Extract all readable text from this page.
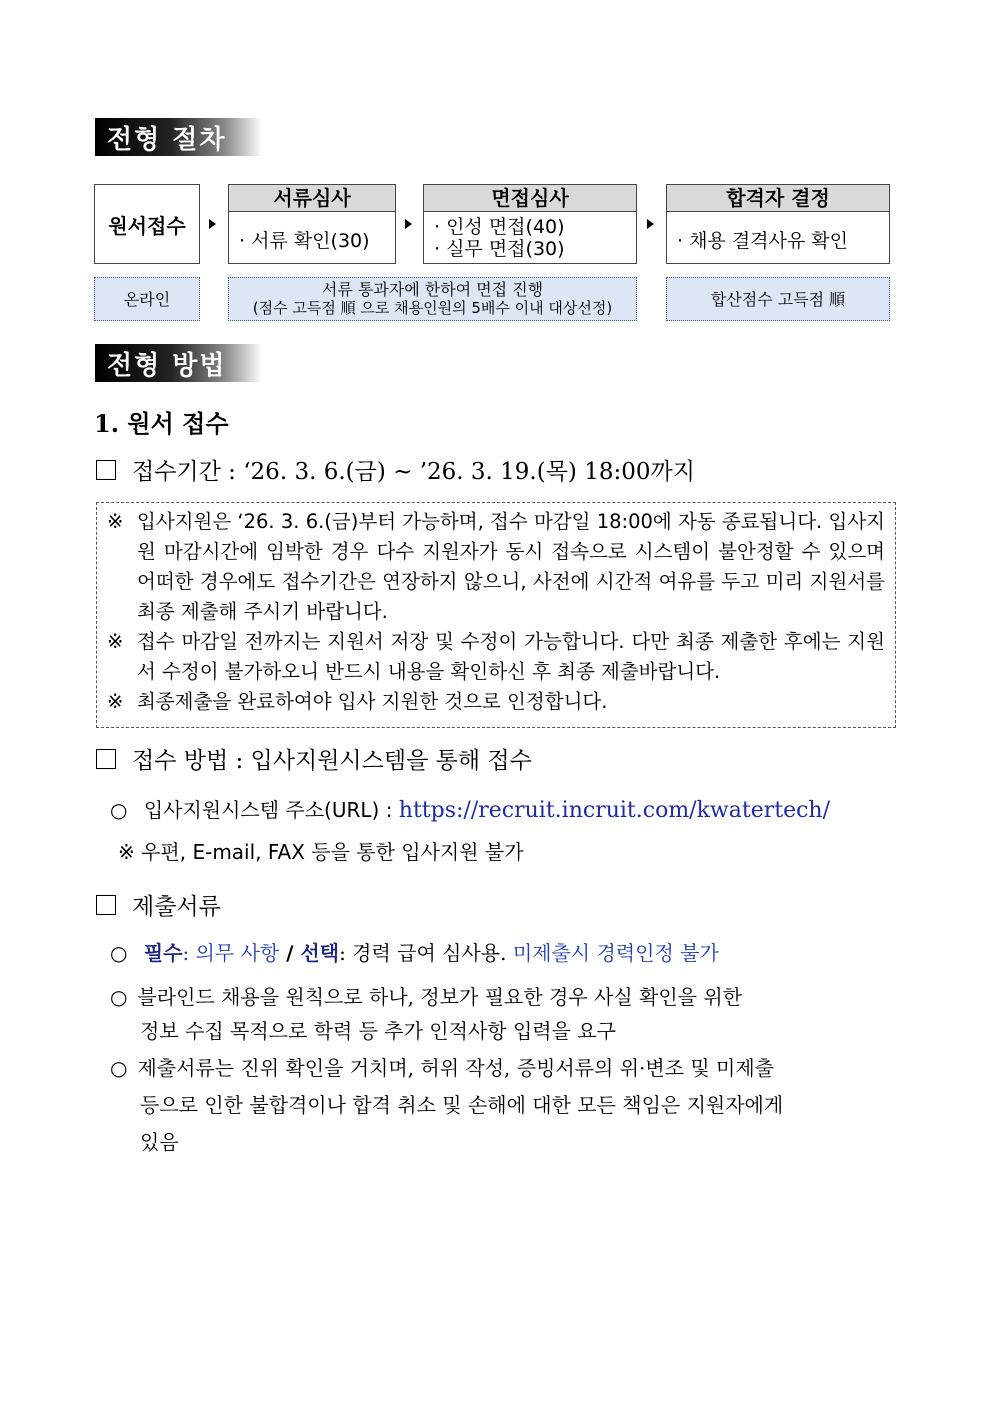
전형 절차
원서접수
서류심사
· 서류 확인(30)
면접심사
· 인성 면접(40)
· 실무 면접(30)
합격자 결정
· 채용 결격사유 확인
온라인	서류 통과자에 한하여 면접 진행
(점수 고득점 順 으로 채용인원의 5배수 이내 대상선정)	합산점수 고득점 順
전형 방법
1. 원서 접수
접수기간 : ‘26. 3. 6.(금) ~ ’26. 3. 19.(목) 18:00까지
※ 입사지원은 ‘26. 3. 6.(금)부터 가능하며, 접수 마감일 18:00에 자동 종료됩니다. 입사지원 마감시간에 임박한 경우 다수 지원자가 동시 접속으로 시스템이 불안정할 수 있으며 어떠한 경우에도 접수기간은 연장하지 않으니, 사전에 시간적 여유를 두고 미리 지원서를 최종 제출해 주시기 바랍니다.
※ 접수 마감일 전까지는 지원서 저장 및 수정이 가능합니다. 다만 최종 제출한 후에는 지원서 수정이 불가하오니 반드시 내용을 확인하신 후 최종 제출바랍니다.
※ 최종제출을 완료하여야 입사 지원한 것으로 인정합니다.
접수 방법 : 입사지원시스템을 통해 접수
○ 입사지원시스템 주소(URL) : https://recruit.incruit.com/kwatertech/
※ 우편, E-mail, FAX 등을 통한 입사지원 불가
제출서류
○ 필수: 의무 사항 / 선택: 경력 급여 심사용. 미제출시 경력인정 불가
○ 블라인드 채용을 원칙으로 하나, 정보가 필요한 경우 사실 확인을 위한
정보 수집 목적으로 학력 등 추가 인적사항 입력을 요구
○ 제출서류는 진위 확인을 거치며, 허위 작성, 증빙서류의 위·변조 및 미제출
등으로 인한 불합격이나 합격 취소 및 손해에 대한 모든 책임은 지원자에게
있음
